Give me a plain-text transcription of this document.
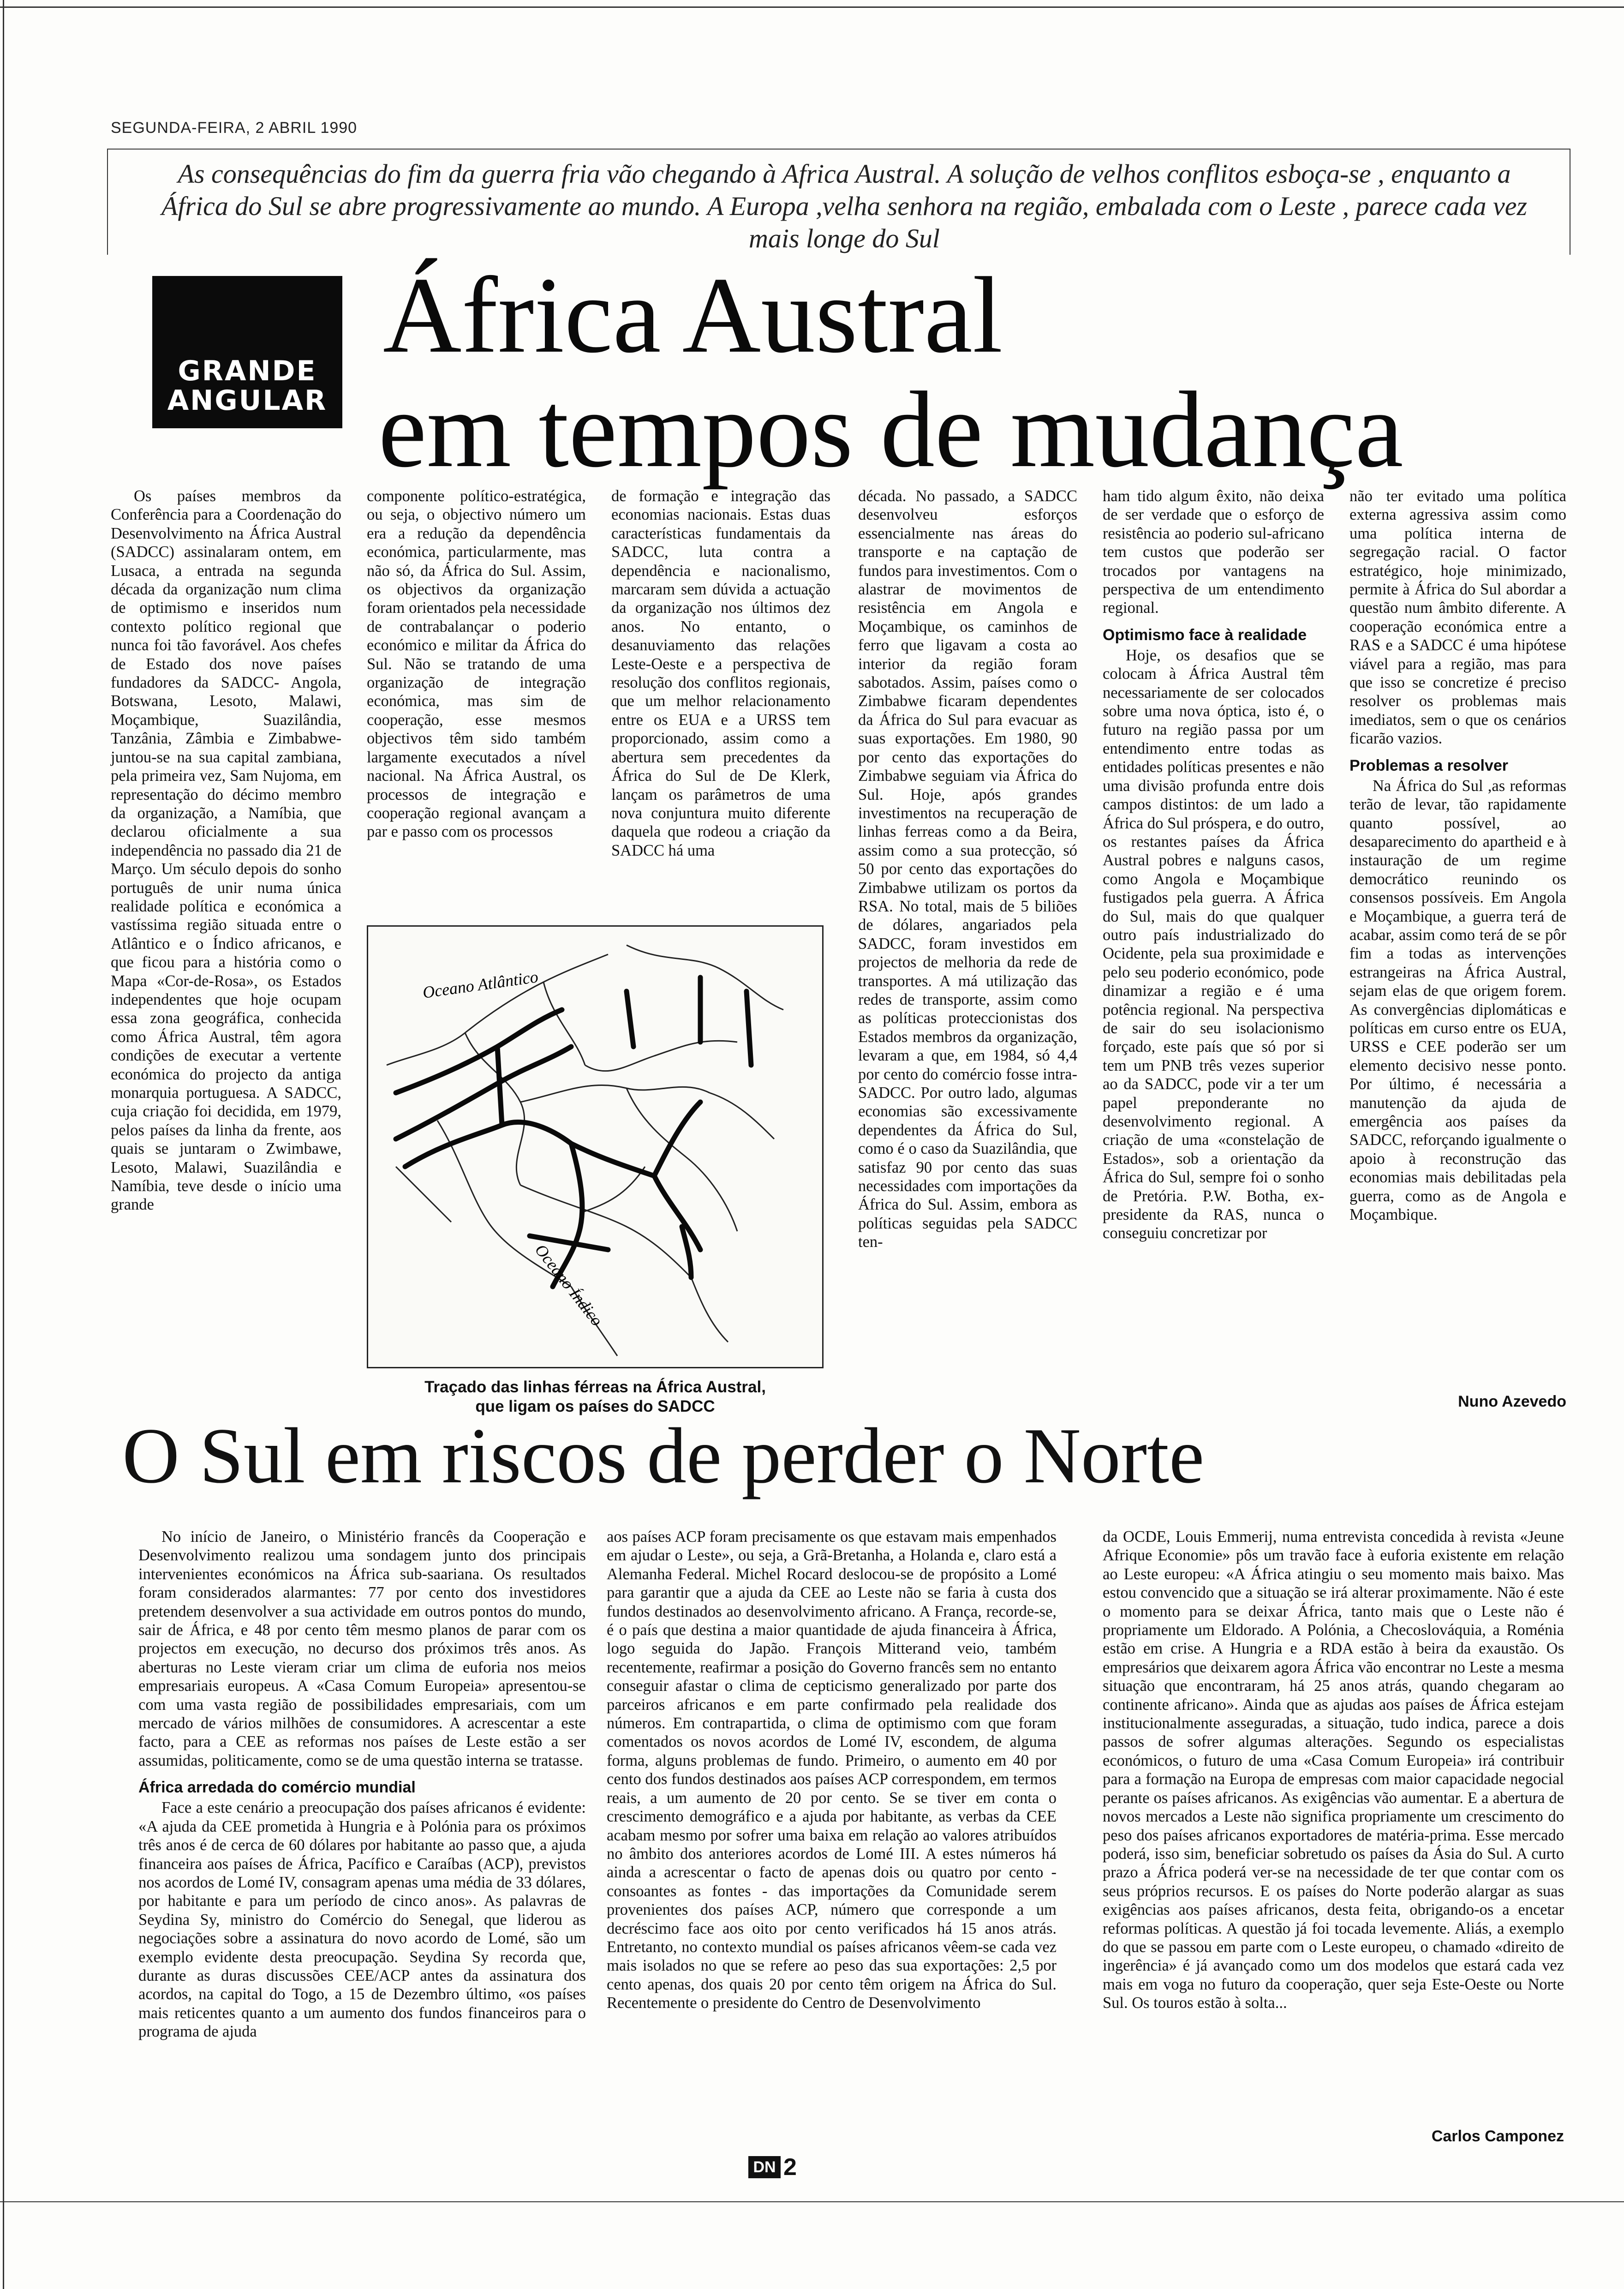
SEGUNDA-FEIRA, 2 ABRIL 1990
As consequências do fim da guerra fria vão chegando à Africa Austral. A solução de velhos conflitos esboça-se , enquanto a África do Sul se abre progressivamente ao mundo. A Europa ,velha senhora na região, embalada com o Leste , parece cada vez mais longe do Sul
GRANDE
ANGULAR
África Austral
em tempos de mudança

Os países membros da Conferência para a Coordenação do Desenvolvimento na África Austral (SADCC) assinalaram ontem, em Lusaca, a entrada na segunda década da organização num clima de optimismo e inseridos num contexto político regional que nunca foi tão favorável. Aos chefes de Estado dos nove países fundadores da SADCC- Angola, Botswana, Lesoto, Malawi, Moçambique, Suazilândia, Tanzânia, Zâmbia e Zimbabwe- juntou-se na sua capital zambiana, pela primeira vez, Sam Nujoma, em representação do décimo membro da organização, a Namíbia, que declarou oficialmente a sua independência no passado dia 21 de Março. Um século depois do sonho português de unir numa única realidade política e económica a vastíssima região situada entre o Atlântico e o Índico africanos, e que ficou para a história como o Mapa «Cor-de-Rosa», os Estados independentes que hoje ocupam essa zona geográfica, conhecida como África Austral, têm agora condições de executar a vertente económica do projecto da antiga monarquia portuguesa. A SADCC, cuja criação foi decidida, em 1979, pelos países da linha da frente, aos quais se juntaram o Zwimbawe, Lesoto, Malawi, Suazilândia e Namíbia, teve desde o início uma grande

componente político-estratégica, ou seja, o objectivo número um era a redução da dependência económica, particularmente, mas não só, da África do Sul. Assim, os objectivos da organização foram orientados pela necessidade de contrabalançar o poderio económico e militar da África do Sul. Não se tratando de uma organização de integração económica, mas sim de cooperação, esse mesmos objectivos têm sido também largamente executados a nível nacional. Na África Austral, os processos de integração e cooperação regional avançam a par e passo com os processos

de formação e integração das economias nacionais. Estas duas características fundamentais da SADCC, luta contra a dependência e nacionalismo, marcaram sem dúvida a actuação da organização nos últimos dez anos. No entanto, o desanuviamento das relações Leste-Oeste e a perspectiva de resolução dos conflitos regionais, que um melhor relacionamento entre os EUA e a URSS tem proporcionado, assim como a abertura sem precedentes da África do Sul de De Klerk, lançam os parâmetros de uma nova conjuntura muito diferente daquela que rodeou a criação da SADCC há uma

década. No passado, a SADCC desenvolveu esforços essencialmente nas áreas do transporte e na captação de fundos para investimentos. Com o alastrar de movimentos de resistência em Angola e Moçambique, os caminhos de ferro que ligavam a costa ao interior da região foram sabotados. Assim, países como o Zimbabwe ficaram dependentes da África do Sul para evacuar as suas exportações. Em 1980, 90 por cento das exportações do Zimbabwe seguiam via África do Sul. Hoje, após grandes investimentos na recuperação de linhas ferreas como a da Beira, assim como a sua protecção, só 50 por cento das exportações do Zimbabwe utilizam os portos da RSA. No total, mais de 5 biliões de dólares, angariados pela SADCC, foram investidos em projectos de melhoria da rede de transportes. A má utilização das redes de transporte, assim como as políticas proteccionistas dos Estados membros da organização, levaram a que, em 1984, só 4,4 por cento do comércio fosse intra-SADCC. Por outro lado, algumas economias são excessivamente dependentes da África do Sul, como é o caso da Suazilândia, que satisfaz 90 por cento das suas necessidades com importações da África do Sul. Assim, embora as políticas seguidas pela SADCC ten-

ham tido algum êxito, não deixa de ser verdade que o esforço de resistência ao poderio sul-africano tem custos que poderão ser trocados por vantagens na perspectiva de um entendimento regional.

Optimismo face à realidade

Hoje, os desafios que se colocam à África Austral têm necessariamente de ser colocados sobre uma nova óptica, isto é, o futuro na região passa por um entendimento entre todas as entidades políticas presentes e não uma divisão profunda entre dois campos distintos: de um lado a África do Sul próspera, e do outro, os restantes países da África Austral pobres e nalguns casos, como Angola e Moçambique fustigados pela guerra. A África do Sul, mais do que qualquer outro país industrializado do Ocidente, pela sua proximidade e pelo seu poderio económico, pode dinamizar a região e é uma potência regional. Na perspectiva de sair do seu isolacionismo forçado, este país que só por si tem um PNB três vezes superior ao da SADCC, pode vir a ter um papel preponderante no desenvolvimento regional. A criação de uma «constelação de Estados», sob a orientação da África do Sul, sempre foi o sonho de Pretória. P.W. Botha, ex-presidente da RAS, nunca o conseguiu concretizar por

não ter evitado uma política externa agressiva assim como uma política interna de segregação racial. O factor estratégico, hoje minimizado, permite à África do Sul abordar a questão num âmbito diferente. A cooperação económica entre a RAS e a SADCC é uma hipótese viável para a região, mas para que isso se concretize é preciso resolver os problemas mais imediatos, sem o que os cenários ficarão vazios.

Problemas a resolver

Na África do Sul ,as reformas terão de levar, tão rapidamente quanto possível, ao desaparecimento do apartheid e à instauração de um regime democrático reunindo os consensos possíveis. Em Angola e Moçambique, a guerra terá de acabar, assim como terá de se pôr fim a todas as intervenções estrangeiras na África Austral, sejam elas de que origem forem. As convergências diplomáticas e políticas em curso entre os EUA, URSS e CEE poderão ser um elemento decisivo nesse ponto. Por último, é necessária a manutenção da ajuda de emergência aos países da SADCC, reforçando igualmente o apoio à reconstrução das economias mais debilitadas pela guerra, como as de Angola e Moçambique.

Nuno Azevedo
Oceano Atlântico
Oceano Índico
Traçado das linhas férreas na África Austral,
que ligam os países do SADCC
O Sul em riscos de perder o Norte

No início de Janeiro, o Ministério francês da Cooperação e Desenvolvimento realizou uma sondagem junto dos principais intervenientes económicos na África sub-saariana. Os resultados foram considerados alarmantes: 77 por cento dos investidores pretendem desenvolver a sua actividade em outros pontos do mundo, sair de África, e 48 por cento têm mesmo planos de parar com os projectos em execução, no decurso dos próximos três anos. As aberturas no Leste vieram criar um clima de euforia nos meios empresariais europeus. A «Casa Comum Europeia» apresentou-se com uma vasta região de possibilidades empresariais, com um mercado de vários milhões de consumidores. A acrescentar a este facto, para a CEE as reformas nos países de Leste estão a ser assumidas, politicamente, como se de uma questão interna se tratasse.

África arredada do comércio mundial

Face a este cenário a preocupação dos países africanos é evidente: «A ajuda da CEE prometida à Hungria e à Polónia para os próximos três anos é de cerca de 60 dólares por habitante ao passo que, a ajuda financeira aos países de África, Pacífico e Caraíbas (ACP), previstos nos acordos de Lomé IV, consagram apenas uma média de 33 dólares, por habitante e para um período de cinco anos». As palavras de Seydina Sy, ministro do Comércio do Senegal, que liderou as negociações sobre a assinatura do novo acordo de Lomé, são um exemplo evidente desta preocupação. Seydina Sy recorda que, durante as duras discussões CEE/ACP antes da assinatura dos acordos, na capital do Togo, a 15 de Dezembro último, «os países mais reticentes quanto a um aumento dos fundos financeiros para o programa de ajuda

aos países ACP foram precisamente os que estavam mais empenhados em ajudar o Leste», ou seja, a Grã-Bretanha, a Holanda e, claro está a Alemanha Federal. Michel Rocard deslocou-se de propósito a Lomé para garantir que a ajuda da CEE ao Leste não se faria à custa dos fundos destinados ao desenvolvimento africano. A França, recorde-se, é o país que destina a maior quantidade de ajuda financeira à África, logo seguida do Japão. François Mitterand veio, também recentemente, reafirmar a posição do Governo francês sem no entanto conseguir afastar o clima de cepticismo generalizado por parte dos parceiros africanos e em parte confirmado pela realidade dos números. Em contrapartida, o clima de optimismo com que foram comentados os novos acordos de Lomé IV, escondem, de alguma forma, alguns problemas de fundo. Primeiro, o aumento em 40 por cento dos fundos destinados aos países ACP correspondem, em termos reais, a um aumento de 20 por cento. Se se tiver em conta o crescimento demográfico e a ajuda por habitante, as verbas da CEE acabam mesmo por sofrer uma baixa em relação ao valores atribuídos no âmbito dos anteriores acordos de Lomé III. A estes números há ainda a acrescentar o facto de apenas dois ou quatro por cento - consoantes as fontes - das importações da Comunidade serem provenientes dos países ACP, número que corresponde a um decréscimo face aos oito por cento verificados há 15 anos atrás. Entretanto, no contexto mundial os países africanos vêem-se cada vez mais isolados no que se refere ao peso das sua exportações: 2,5 por cento apenas, dos quais 20 por cento têm origem na África do Sul. Recentemente o presidente do Centro de Desenvolvimento

da OCDE, Louis Emmerij, numa entrevista concedida à revista «Jeune Afrique Economie» pôs um travão face à euforia existente em relação ao Leste europeu: «A África atingiu o seu momento mais baixo. Mas estou convencido que a situação se irá alterar proximamente. Não é este o momento para se deixar África, tanto mais que o Leste não é propriamente um Eldorado. A Polónia, a Checoslováquia, a Roménia estão em crise. A Hungria e a RDA estão à beira da exaustão. Os empresários que deixarem agora África vão encontrar no Leste a mesma situação que encontraram, há 25 anos atrás, quando chegaram ao continente africano». Ainda que as ajudas aos países de África estejam institucionalmente asseguradas, a situação, tudo indica, parece a dois passos de sofrer algumas alterações. Segundo os especialistas económicos, o futuro de uma «Casa Comum Europeia» irá contribuir para a formação na Europa de empresas com maior capacidade negocial perante os países africanos. As exigências vão aumentar. E a abertura de novos mercados a Leste não significa propriamente um crescimento do peso dos países africanos exportadores de matéria-prima. Esse mercado poderá, isso sim, beneficiar sobretudo os países da Ásia do Sul. A curto prazo a África poderá ver-se na necessidade de ter que contar com os seus próprios recursos. E os países do Norte poderão alargar as suas exigências aos países africanos, desta feita, obrigando-os a encetar reformas políticas. A questão já foi tocada levemente. Aliás, a exemplo do que se passou em parte com o Leste europeu, o chamado «direito de ingerência» é já avançado como um dos modelos que estará cada vez mais em voga no futuro da cooperação, quer seja Este-Oeste ou Norte Sul. Os touros estão à solta...

Carlos Camponez
DN 2
